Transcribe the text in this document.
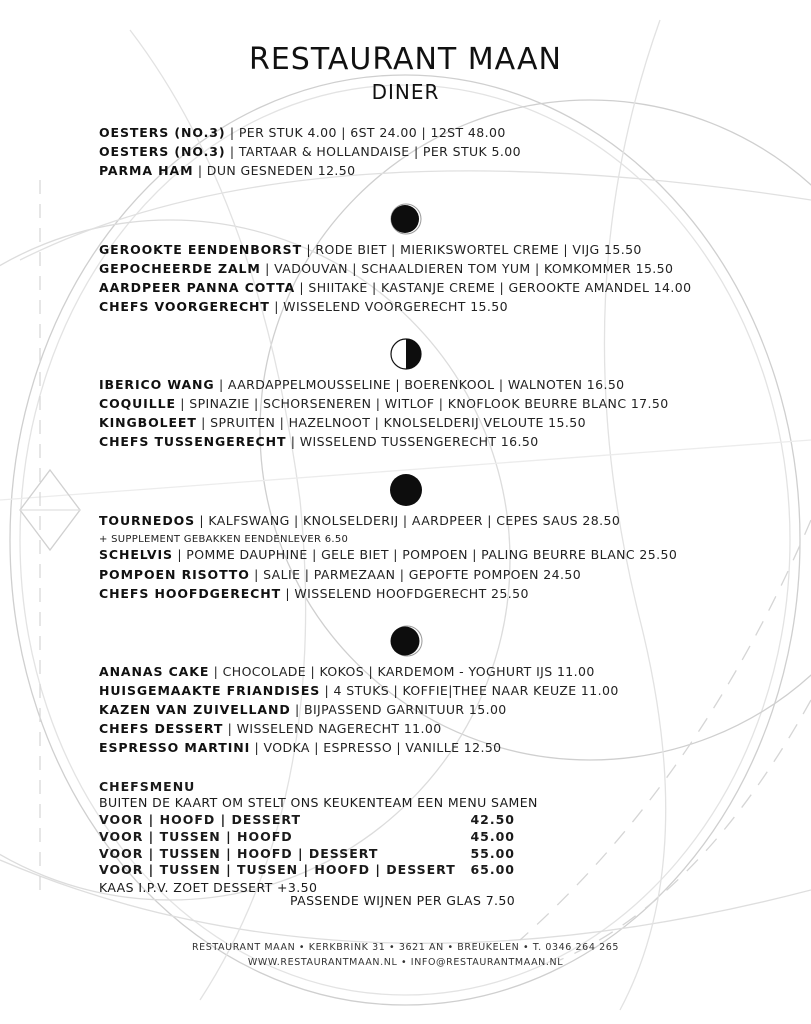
RESTAURANT MAAN
DINER
OESTERS (NO.3) | PER STUK 4.00 | 6ST 24.00 | 12ST 48.00
OESTERS (NO.3) | TARTAAR & HOLLANDAISE | PER STUK 5.00
PARMA HAM | DUN GESNEDEN 12.50
GEROOKTE EENDENBORST | RODE BIET | MIERIKSWORTEL CREME | VIJG 15.50
GEPOCHEERDE ZALM | VADOUVAN | SCHAALDIEREN TOM YUM | KOMKOMMER 15.50
AARDPEER PANNA COTTA | SHIITAKE | KASTANJE CREME | GEROOKTE AMANDEL 14.00
CHEFS VOORGERECHT | WISSELEND VOORGERECHT 15.50
IBERICO WANG | AARDAPPELMOUSSELINE | BOERENKOOL | WALNOTEN 16.50
COQUILLE | SPINAZIE | SCHORSENEREN | WITLOF | KNOFLOOK BEURRE BLANC 17.50
KINGBOLEET | SPRUITEN | HAZELNOOT | KNOLSELDERIJ VELOUTE 15.50
CHEFS TUSSENGERECHT | WISSELEND TUSSENGERECHT 16.50
TOURNEDOS | KALFSWANG | KNOLSELDERIJ | AARDPEER | CEPES SAUS 28.50
+ SUPPLEMENT GEBAKKEN EENDENLEVER 6.50
SCHELVIS | POMME DAUPHINE | GELE BIET | POMPOEN | PALING BEURRE BLANC 25.50
POMPOEN RISOTTO | SALIE | PARMEZAAN | GEPOFTE POMPOEN 24.50
CHEFS HOOFDGERECHT | WISSELEND HOOFDGERECHT 25.50
ANANAS CAKE | CHOCOLADE | KOKOS | KARDEMOM - YOGHURT IJS 11.00
HUISGEMAAKTE FRIANDISES | 4 STUKS | KOFFIE|THEE NAAR KEUZE 11.00
KAZEN VAN ZUIVELLAND | BIJPASSEND GARNITUUR 15.00
CHEFS DESSERT | WISSELEND NAGERECHT 11.00
ESPRESSO MARTINI | VODKA | ESPRESSO | VANILLE 12.50
CHEFSMENU
BUITEN DE KAART OM STELT ONS KEUKENTEAM EEN MENU SAMEN
VOOR | HOOFD | DESSERT	42.50
VOOR | TUSSEN | HOOFD	45.00
VOOR | TUSSEN | HOOFD | DESSERT	55.00
VOOR | TUSSEN | TUSSEN | HOOFD | DESSERT 65.00
KAAS I.P.V. ZOET DESSERT +3.50
PASSENDE WIJNEN PER GLAS 7.50
RESTAURANT MAAN • KERKBRINK 31 • 3621 AN • BREUKELEN • T. 0346 264 265
WWW.RESTAURANTMAAN.NL • INFO@RESTAURANTMAAN.NL
